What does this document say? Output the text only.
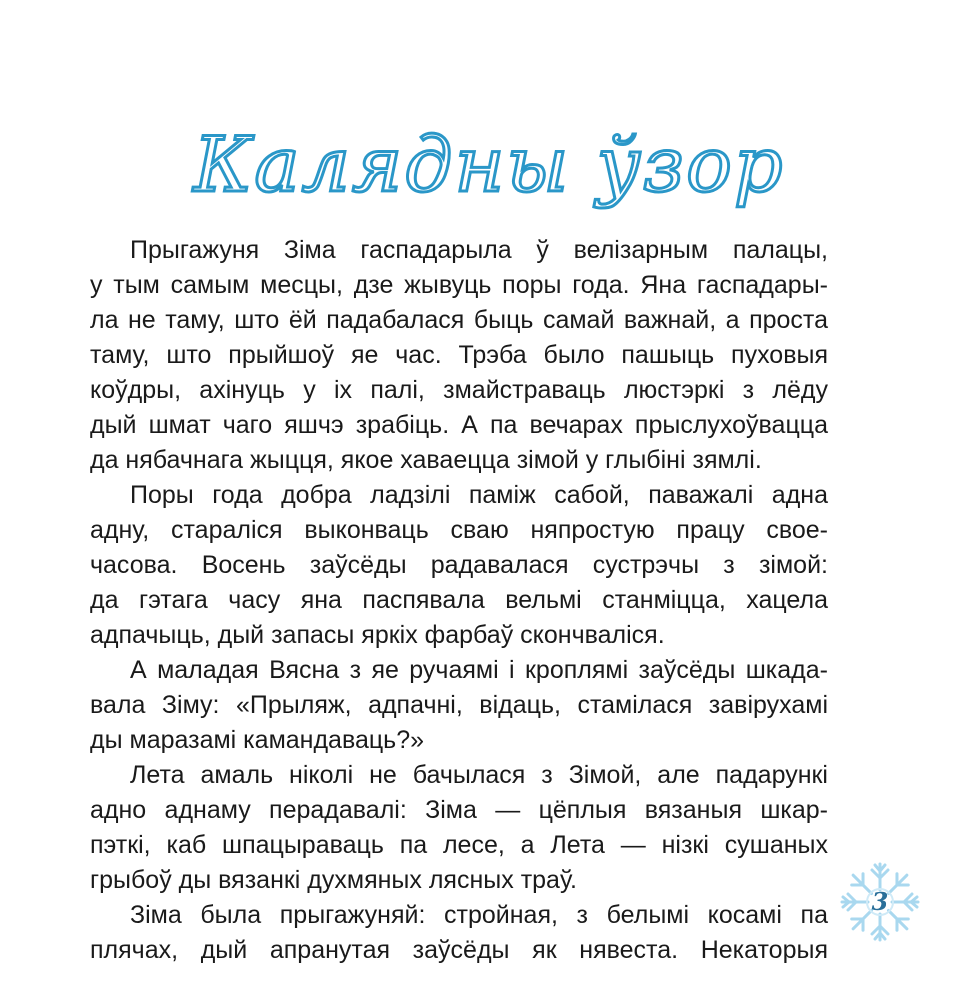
Калядны ўзор
Прыгажуня Зіма гаспадарыла ў велізарным палацы,
у тым самым месцы, дзе жывуць поры года. Яна гаспадары-
ла не таму, што ёй падабалася быць самай важнай, а проста
таму, што прыйшоў яе час. Трэба было пашыць пуховыя
коўдры, ахінуць у іх палі, змайстраваць люстэркі з лёду
дый шмат чаго яшчэ зрабіць. А па вечарах прыслухоўвацца
да нябачнага жыцця, якое хаваецца зімой у глыбіні зямлі.
Поры года добра ладзілі паміж сабой, паважалі адна
адну, стараліся выконваць сваю няпростую працу свое-
часова. Восень заўсёды радавалася сустрэчы з зімой:
да гэтага часу яна паспявала вельмі станміцца, хацела
адпачыць, дый запасы яркіх фарбаў скончваліся.
А маладая Вясна з яе ручаямі і кроплямі заўсёды шкада-
вала Зіму: «Прыляж, адпачні, відаць, стамілася завірухамі
ды маразамі камандаваць?»
Лета амаль ніколі не бачылася з Зімой, але падарункі
адно аднаму перадавалі: Зіма — цёплыя вязаныя шкар-
пэткі, каб шпацыраваць па лесе, а Лета — нізкі сушаных
грыбоў ды вязанкі духмяных лясных траў.
Зіма была прыгажуняй: стройная, з белымі косамі па
плячах, дый апранутая заўсёды як нявеста. Некаторыя
3
